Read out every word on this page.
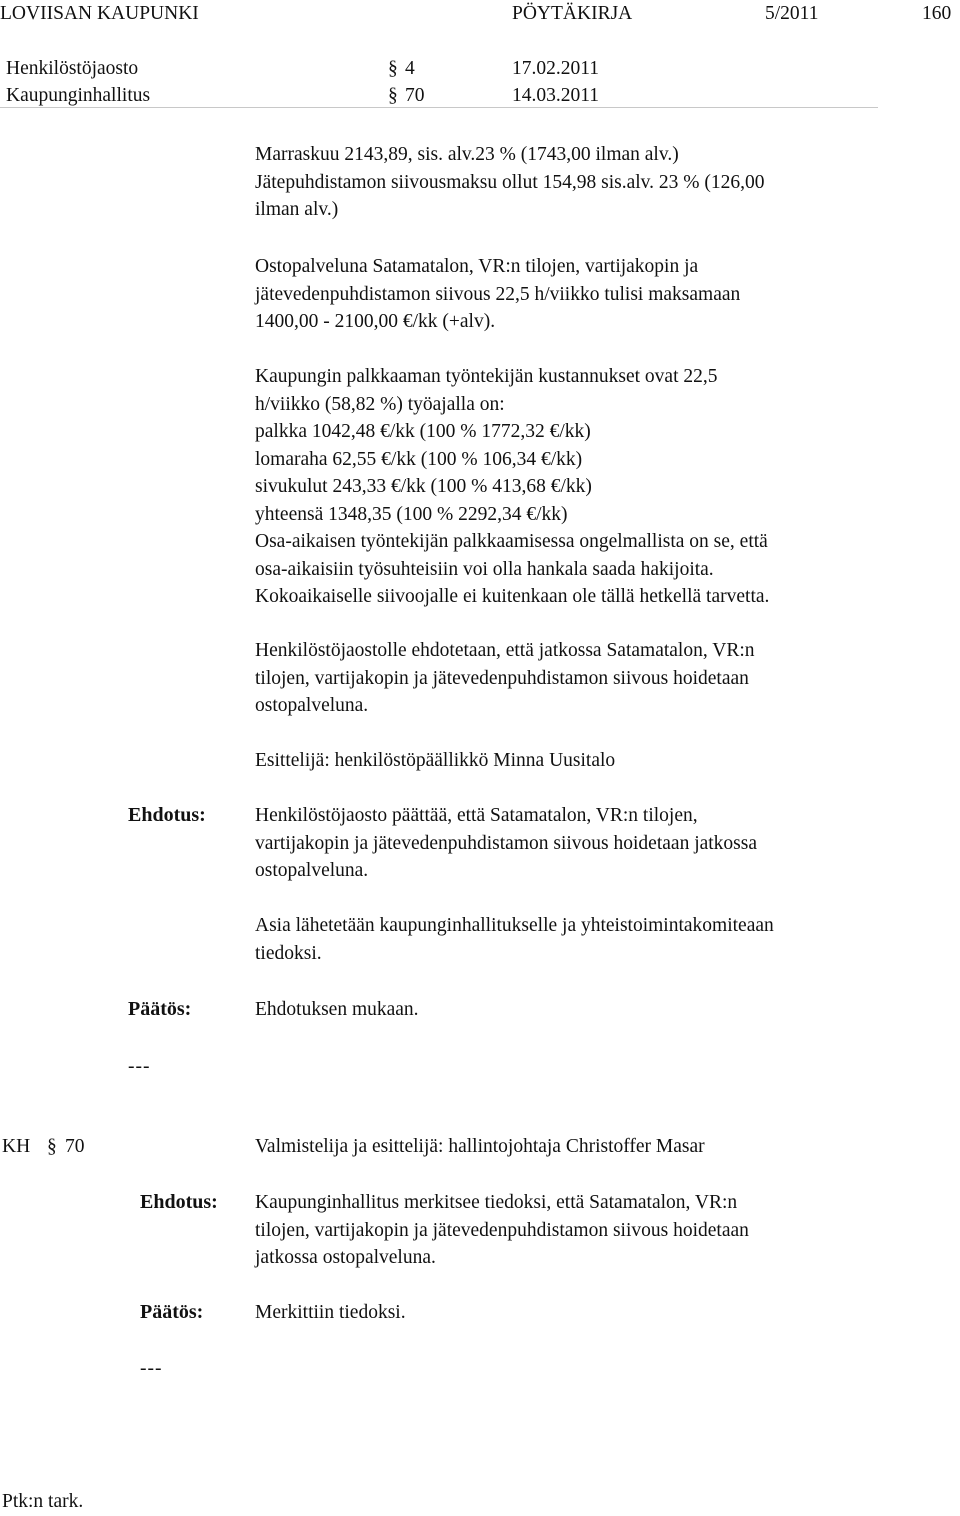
LOVIISAN KAUPUNKI	PÖYTÄKIRJA	5/2011	160
Henkilöstöjaosto	§ 4	17.02.2011
Kaupunginhallitus	§ 70	14.03.2011

Marraskuu 2143,89, sis. alv.23 % (1743,00 ilman alv.)

Jätepuhdistamon siivousmaksu ollut 154,98 sis.alv. 23 % (126,00

ilman alv.)

Ostopalveluna Satamatalon, VR:n tilojen, vartijakopin ja

jätevedenpuhdistamon siivous 22,5 h/viikko tulisi maksamaan

1400,00 - 2100,00 €/kk (+alv).

Kaupungin palkkaaman työntekijän kustannukset ovat 22,5

h/viikko (58,82 %) työajalla on:

palkka 1042,48 €/kk (100 % 1772,32 €/kk)

lomaraha 62,55 €/kk (100 % 106,34 €/kk)

sivukulut 243,33 €/kk (100 % 413,68 €/kk)

yhteensä 1348,35 (100 % 2292,34 €/kk)

Osa-aikaisen työntekijän palkkaamisessa ongelmallista on se, että

osa-aikaisiin työsuhteisiin voi olla hankala saada hakijoita.

Kokoaikaiselle siivoojalle ei kuitenkaan ole tällä hetkellä tarvetta.

Henkilöstöjaostolle ehdotetaan, että jatkossa Satamatalon, VR:n

tilojen, vartijakopin ja jätevedenpuhdistamon siivous hoidetaan

ostopalveluna.

Esittelijä: henkilöstöpäällikkö Minna Uusitalo

Ehdotus:	Henkilöstöjaosto päättää, että Satamatalon, VR:n tilojen,

vartijakopin ja jätevedenpuhdistamon siivous hoidetaan jatkossa

ostopalveluna.

Asia lähetetään kaupunginhallitukselle ja yhteistoimintakomiteaan

tiedoksi.

Päätös:	Ehdotuksen mukaan.

---
KH § 70	Valmistelija ja esittelijä: hallintojohtaja Christoffer Masar

Ehdotus: Kaupunginhallitus merkitsee tiedoksi, että Satamatalon, VR:n

tilojen, vartijakopin ja jätevedenpuhdistamon siivous hoidetaan

jatkossa ostopalveluna.

Päätös:	Merkittiin tiedoksi.

---
Ptk:n tark.
